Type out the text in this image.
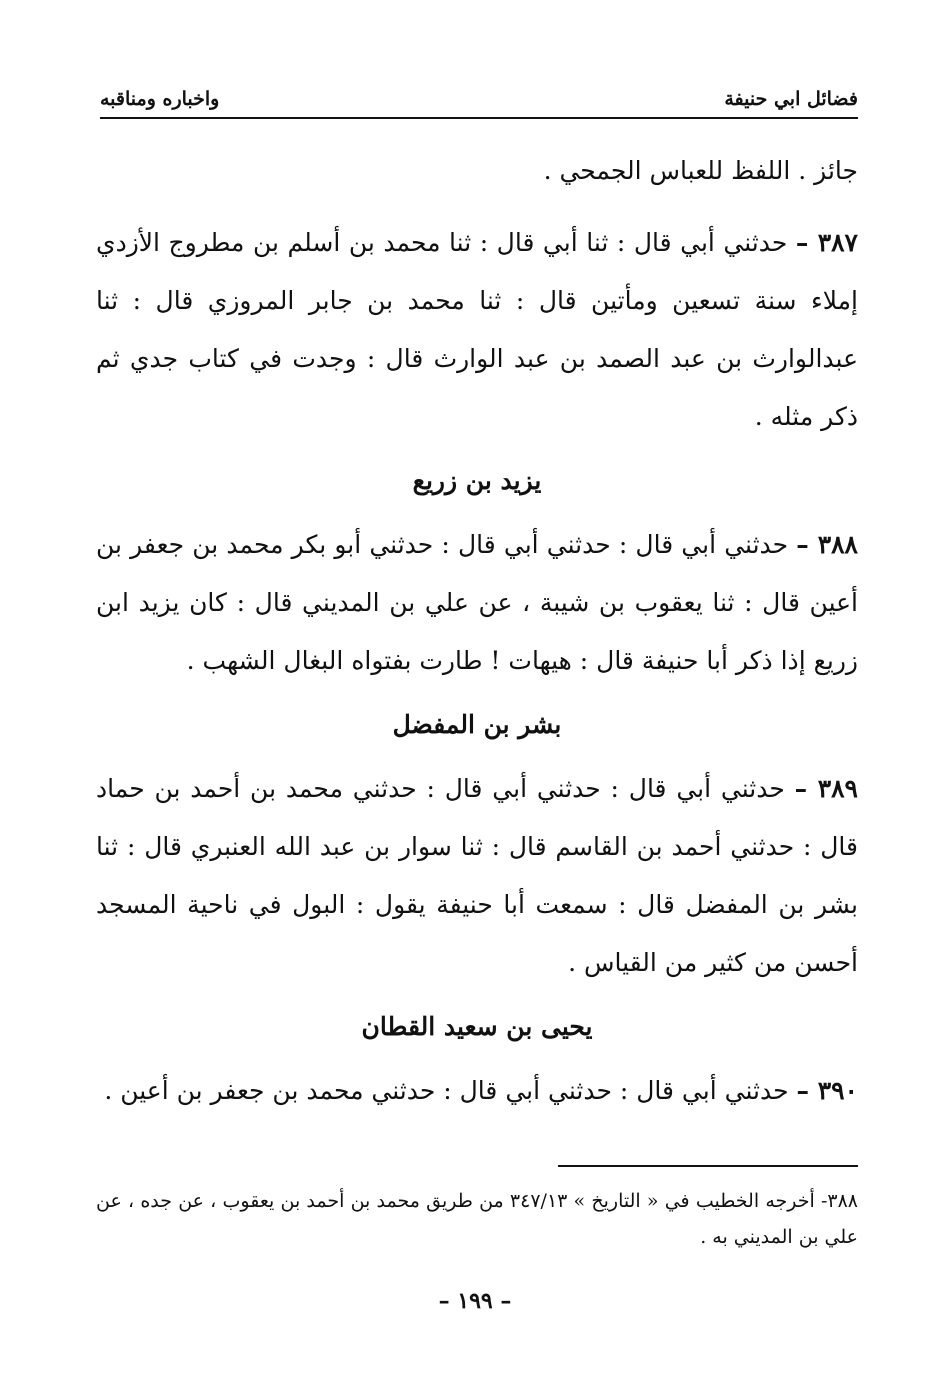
فضائل ابي حنيفة
واخباره ومناقبه

جائز . اللفظ للعباس الجمحي .

٣٨٧ – حدثني أبي قال : ثنا أبي قال : ثنا محمد بن أسلم بن مطروج الأزدي إملاء سنة تسعين ومأتين قال : ثنا محمد بن جابر المروزي قال : ثنا عبدالوارث بن عبد الصمد بن عبد الوارث قال : وجدت في كتاب جدي ثم ذكر مثله .

يزيد بن زريع

٣٨٨ – حدثني أبي قال : حدثني أبي قال : حدثني أبو بكر محمد بن جعفر بن أعين قال : ثنا يعقوب بن شيبة ، عن علي بن المديني قال : كان يزيد ابن زريع إذا ذكر أبا حنيفة قال : هيهات ! طارت بفتواه البغال الشهب .

بشر بن المفضل

٣٨٩ – حدثني أبي قال : حدثني أبي قال : حدثني محمد بن أحمد بن حماد قال : حدثني أحمد بن القاسم قال : ثنا سوار بن عبد الله العنبري قال : ثنا بشر بن المفضل قال : سمعت أبا حنيفة يقول : البول في ناحية المسجد أحسن من كثير من القياس .

يحيى بن سعيد القطان

٣٩٠ – حدثني أبي قال : حدثني أبي قال : حدثني محمد بن جعفر بن أعين .

٣٨٨- أخرجه الخطيب في « التاريخ » ٣٤٧/١٣ من طريق محمد بن أحمد بن يعقوب ، عن جده ، عن علي بن المديني به .
– ١٩٩ –
